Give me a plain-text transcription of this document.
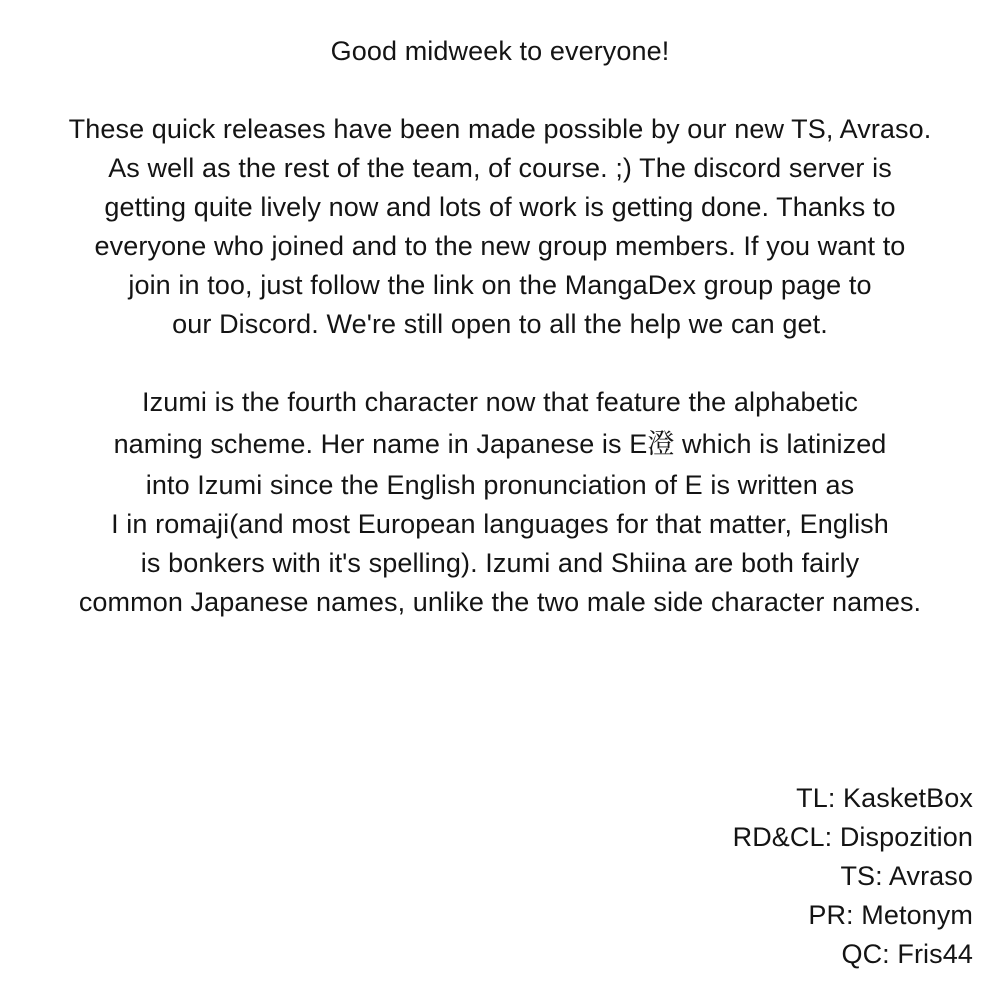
Good midweek to everyone!
These quick releases have been made possible by our new TS, Avraso.
As well as the rest of the team, of course. ;) The discord server is
getting quite lively now and lots of work is getting done. Thanks to
everyone who joined and to the new group members. If you want to
join in too, just follow the link on the MangaDex group page to
our Discord. We're still open to all the help we can get.
Izumi is the fourth character now that feature the alphabetic
naming scheme. Her name in Japanese is E澄 which is latinized
into Izumi since the English pronunciation of E is written as
I in romaji(and most European languages for that matter, English
is bonkers with it's spelling). Izumi and Shiina are both fairly
common Japanese names, unlike the two male side character names.
TL: KasketBox
RD&CL: Dispozition
TS: Avraso
PR: Metonym
QC: Fris44
